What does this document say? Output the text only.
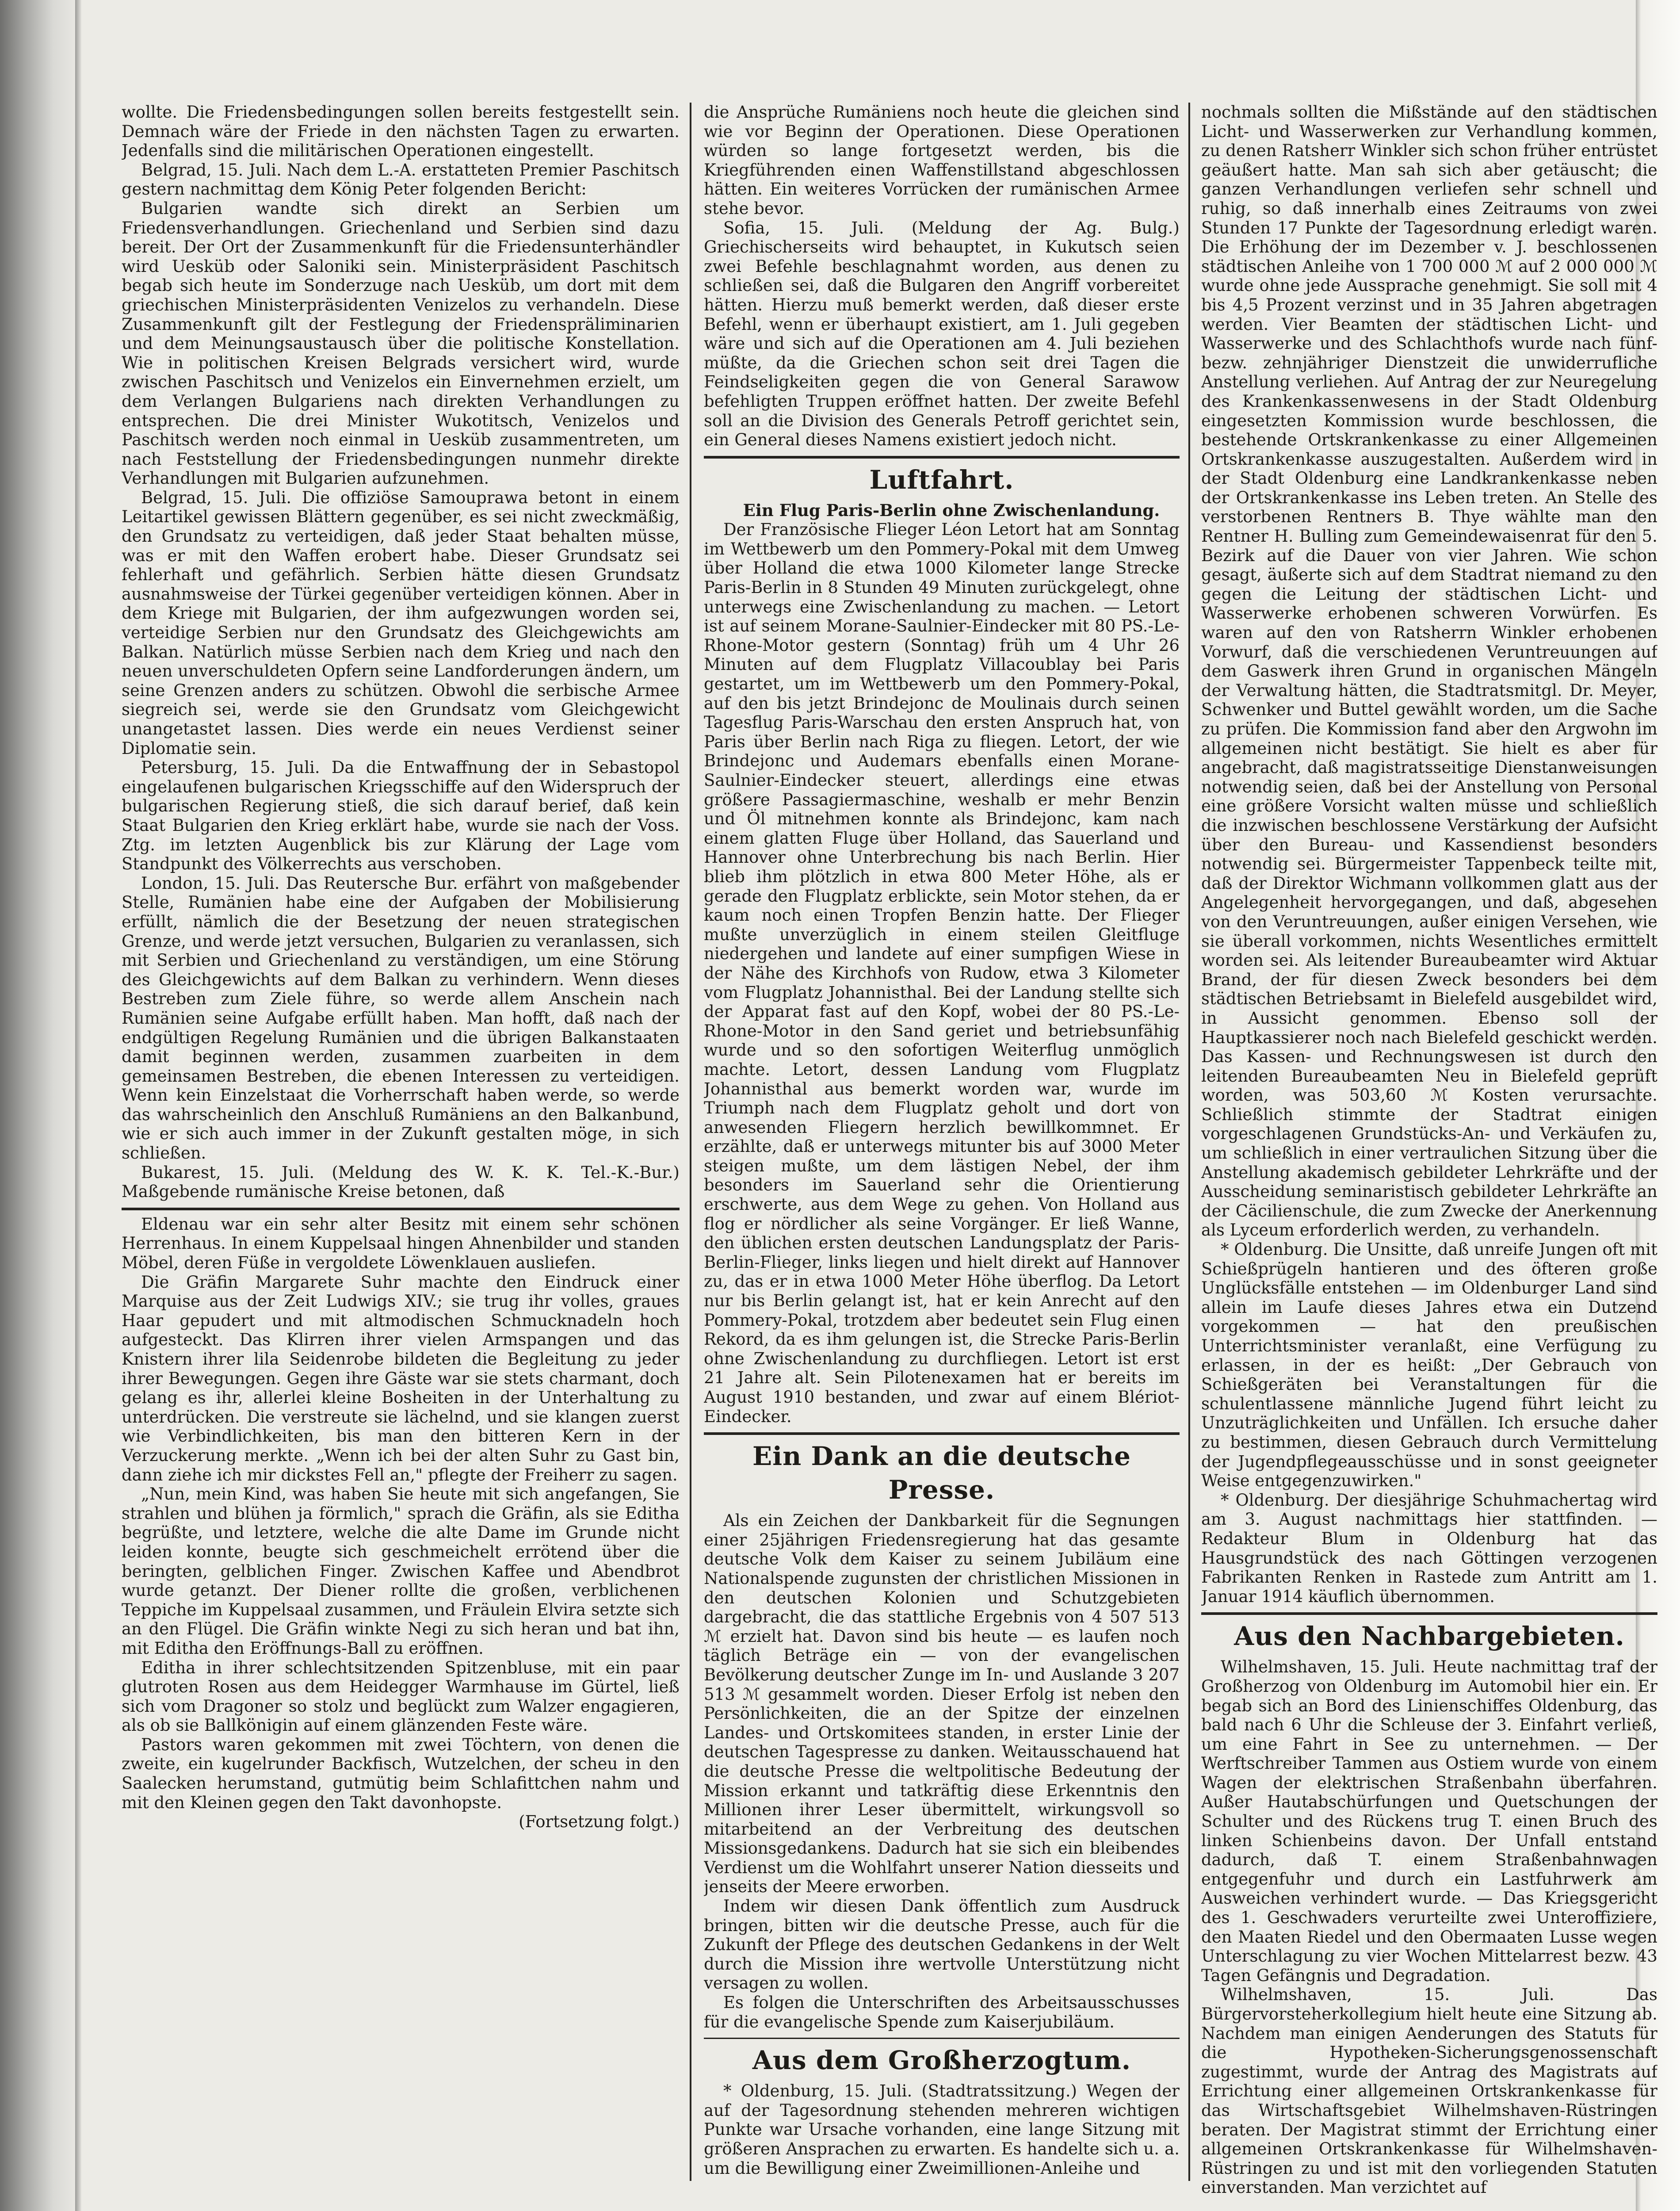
wollte. Die Friedensbedingungen sollen bereits festgestellt sein. Demnach wäre der Friede in den nächsten Tagen zu erwarten. Jedenfalls sind die militärischen Operationen eingestellt.

Belgrad, 15. Juli. Nach dem L.-A. erstatteten Premier Paschitsch gestern nachmittag dem König Peter folgenden Bericht:

Bulgarien wandte sich direkt an Serbien um Friedensverhandlungen. Griechenland und Serbien sind dazu bereit. Der Ort der Zusammenkunft für die Friedensunterhändler wird Uesküb oder Saloniki sein. Ministerpräsident Paschitsch begab sich heute im Sonderzuge nach Uesküb, um dort mit dem griechischen Ministerpräsidenten Venizelos zu verhandeln. Diese Zusammenkunft gilt der Festlegung der Friedenspräliminarien und dem Meinungsaustausch über die politische Konstellation. Wie in politischen Kreisen Belgrads versichert wird, wurde zwischen Paschitsch und Venizelos ein Einvernehmen erzielt, um dem Verlangen Bulgariens nach direkten Verhandlungen zu entsprechen. Die drei Minister Wukotitsch, Venizelos und Paschitsch werden noch einmal in Uesküb zusammentreten, um nach Feststellung der Friedensbedingungen nunmehr direkte Verhandlungen mit Bulgarien aufzunehmen.

Belgrad, 15. Juli. Die offiziöse Samouprawa betont in einem Leitartikel gewissen Blättern gegenüber, es sei nicht zweckmäßig, den Grundsatz zu verteidigen, daß jeder Staat behalten müsse, was er mit den Waffen erobert habe. Dieser Grundsatz sei fehlerhaft und gefährlich. Serbien hätte diesen Grundsatz ausnahmsweise der Türkei gegenüber verteidigen können. Aber in dem Kriege mit Bulgarien, der ihm aufgezwungen worden sei, verteidige Serbien nur den Grundsatz des Gleichgewichts am Balkan. Natürlich müsse Serbien nach dem Krieg und nach den neuen unverschuldeten Opfern seine Landforderungen ändern, um seine Grenzen anders zu schützen. Obwohl die serbische Armee siegreich sei, werde sie den Grundsatz vom Gleichgewicht unangetastet lassen. Dies werde ein neues Verdienst seiner Diplomatie sein.

Petersburg, 15. Juli. Da die Entwaffnung der in Sebastopol eingelaufenen bulgarischen Kriegsschiffe auf den Widerspruch der bulgarischen Regierung stieß, die sich darauf berief, daß kein Staat Bulgarien den Krieg erklärt habe, wurde sie nach der Voss. Ztg. im letzten Augenblick bis zur Klärung der Lage vom Standpunkt des Völkerrechts aus verschoben.

London, 15. Juli. Das Reutersche Bur. erfährt von maßgebender Stelle, Rumänien habe eine der Aufgaben der Mobilisierung erfüllt, nämlich die der Besetzung der neuen strategischen Grenze, und werde jetzt versuchen, Bulgarien zu veranlassen, sich mit Serbien und Griechenland zu verständigen, um eine Störung des Gleichgewichts auf dem Balkan zu verhindern. Wenn dieses Bestreben zum Ziele führe, so werde allem Anschein nach Rumänien seine Aufgabe erfüllt haben. Man hofft, daß nach der endgültigen Regelung Rumänien und die übrigen Balkanstaaten damit beginnen werden, zusammen zuarbeiten in dem gemeinsamen Bestreben, die ebenen Interessen zu verteidigen. Wenn kein Einzelstaat die Vorherrschaft haben werde, so werde das wahrscheinlich den Anschluß Rumäniens an den Balkanbund, wie er sich auch immer in der Zukunft gestalten möge, in sich schließen.

Bukarest, 15. Juli. (Meldung des W. K. K. Tel.-K.-Bur.) Maßgebende rumänische Kreise betonen, daß

Eldenau war ein sehr alter Besitz mit einem sehr schönen Herrenhaus. In einem Kuppelsaal hingen Ahnenbilder und standen Möbel, deren Füße in vergoldete Löwenklauen ausliefen.

Die Gräfin Margarete Suhr machte den Eindruck einer Marquise aus der Zeit Ludwigs XIV.; sie trug ihr volles, graues Haar gepudert und mit altmodischen Schmucknadeln hoch aufgesteckt. Das Klirren ihrer vielen Armspangen und das Knistern ihrer lila Seidenrobe bildeten die Begleitung zu jeder ihrer Bewegungen. Gegen ihre Gäste war sie stets charmant, doch gelang es ihr, allerlei kleine Bosheiten in der Unterhaltung zu unterdrücken. Die verstreute sie lächelnd, und sie klangen zuerst wie Verbindlichkeiten, bis man den bitteren Kern in der Verzuckerung merkte. „Wenn ich bei der alten Suhr zu Gast bin, dann ziehe ich mir dickstes Fell an," pflegte der Freiherr zu sagen.

„Nun, mein Kind, was haben Sie heute mit sich angefangen, Sie strahlen und blühen ja förmlich," sprach die Gräfin, als sie Editha begrüßte, und letztere, welche die alte Dame im Grunde nicht leiden konnte, beugte sich geschmeichelt errötend über die beringten, gelblichen Finger. Zwischen Kaffee und Abendbrot wurde getanzt. Der Diener rollte die großen, verblichenen Teppiche im Kuppelsaal zusammen, und Fräulein Elvira setzte sich an den Flügel. Die Gräfin winkte Negi zu sich heran und bat ihn, mit Editha den Eröffnungs-Ball zu eröffnen.

Editha in ihrer schlechtsitzenden Spitzenbluse, mit ein paar glutroten Rosen aus dem Heidegger Warmhause im Gürtel, ließ sich vom Dragoner so stolz und beglückt zum Walzer engagieren, als ob sie Ballkönigin auf einem glänzenden Feste wäre.

Pastors waren gekommen mit zwei Töchtern, von denen die zweite, ein kugelrunder Backfisch, Wutzelchen, der scheu in den Saalecken herumstand, gutmütig beim Schlafittchen nahm und mit den Kleinen gegen den Takt davonhopste.

(Fortsetzung folgt.)

die Ansprüche Rumäniens noch heute die gleichen sind wie vor Beginn der Operationen. Diese Operationen würden so lange fortgesetzt werden, bis die Kriegführenden einen Waffenstillstand abgeschlossen hätten. Ein weiteres Vorrücken der rumänischen Armee stehe bevor.

Sofia, 15. Juli. (Meldung der Ag. Bulg.) Griechischerseits wird behauptet, in Kukutsch seien zwei Befehle beschlagnahmt worden, aus denen zu schließen sei, daß die Bulgaren den Angriff vorbereitet hätten. Hierzu muß bemerkt werden, daß dieser erste Befehl, wenn er überhaupt existiert, am 1. Juli gegeben wäre und sich auf die Operationen am 4. Juli beziehen müßte, da die Griechen schon seit drei Tagen die Feindseligkeiten gegen die von General Sarawow befehligten Truppen eröffnet hatten. Der zweite Befehl soll an die Division des Generals Petroff gerichtet sein, ein General dieses Namens existiert jedoch nicht.

Luftfahrt.

Ein Flug Paris-Berlin ohne Zwischenlandung.

Der Französische Flieger Léon Letort hat am Sonntag im Wettbewerb um den Pommery-Pokal mit dem Umweg über Holland die etwa 1000 Kilometer lange Strecke Paris-Berlin in 8 Stunden 49 Minuten zurückgelegt, ohne unterwegs eine Zwischenlandung zu machen. — Letort ist auf seinem Morane-Saulnier-Eindecker mit 80 PS.-Le-Rhone-Motor gestern (Sonntag) früh um 4 Uhr 26 Minuten auf dem Flugplatz Villacoublay bei Paris gestartet, um im Wettbewerb um den Pommery-Pokal, auf den bis jetzt Brindejonc de Moulinais durch seinen Tagesflug Paris-Warschau den ersten Anspruch hat, von Paris über Berlin nach Riga zu fliegen. Letort, der wie Brindejonc und Audemars ebenfalls einen Morane-Saulnier-Eindecker steuert, allerdings eine etwas größere Passagiermaschine, weshalb er mehr Benzin und Öl mitnehmen konnte als Brindejonc, kam nach einem glatten Fluge über Holland, das Sauerland und Hannover ohne Unterbrechung bis nach Berlin. Hier blieb ihm plötzlich in etwa 800 Meter Höhe, als er gerade den Flugplatz erblickte, sein Motor stehen, da er kaum noch einen Tropfen Benzin hatte. Der Flieger mußte unverzüglich in einem steilen Gleitfluge niedergehen und landete auf einer sumpfigen Wiese in der Nähe des Kirchhofs von Rudow, etwa 3 Kilometer vom Flugplatz Johannisthal. Bei der Landung stellte sich der Apparat fast auf den Kopf, wobei der 80 PS.-Le-Rhone-Motor in den Sand geriet und betriebsunfähig wurde und so den sofortigen Weiterflug unmöglich machte. Letort, dessen Landung vom Flugplatz Johannisthal aus bemerkt worden war, wurde im Triumph nach dem Flugplatz geholt und dort von anwesenden Fliegern herzlich bewillkommnet. Er erzählte, daß er unterwegs mitunter bis auf 3000 Meter steigen mußte, um dem lästigen Nebel, der ihm besonders im Sauerland sehr die Orientierung erschwerte, aus dem Wege zu gehen. Von Holland aus flog er nördlicher als seine Vorgänger. Er ließ Wanne, den üblichen ersten deutschen Landungsplatz der Paris-Berlin-Flieger, links liegen und hielt direkt auf Hannover zu, das er in etwa 1000 Meter Höhe überflog. Da Letort nur bis Berlin gelangt ist, hat er kein Anrecht auf den Pommery-Pokal, trotzdem aber bedeutet sein Flug einen Rekord, da es ihm gelungen ist, die Strecke Paris-Berlin ohne Zwischenlandung zu durchfliegen. Letort ist erst 21 Jahre alt. Sein Pilotenexamen hat er bereits im August 1910 bestanden, und zwar auf einem Blériot-Eindecker.

Ein Dank an die deutsche Presse.

Als ein Zeichen der Dankbarkeit für die Segnungen einer 25jährigen Friedensregierung hat das gesamte deutsche Volk dem Kaiser zu seinem Jubiläum eine Nationalspende zugunsten der christlichen Missionen in den deutschen Kolonien und Schutzgebieten dargebracht, die das stattliche Ergebnis von 4 507 513 ℳ erzielt hat. Davon sind bis heute — es laufen noch täglich Beträge ein — von der evangelischen Bevölkerung deutscher Zunge im In- und Auslande 3 207 513 ℳ gesammelt worden. Dieser Erfolg ist neben den Persönlichkeiten, die an der Spitze der einzelnen Landes- und Ortskomitees standen, in erster Linie der deutschen Tagespresse zu danken. Weitausschauend hat die deutsche Presse die weltpolitische Bedeutung der Mission erkannt und tatkräftig diese Erkenntnis den Millionen ihrer Leser übermittelt, wirkungsvoll so mitarbeitend an der Verbreitung des deutschen Missionsgedankens. Dadurch hat sie sich ein bleibendes Verdienst um die Wohlfahrt unserer Nation diesseits und jenseits der Meere erworben.

Indem wir diesen Dank öffentlich zum Ausdruck bringen, bitten wir die deutsche Presse, auch für die Zukunft der Pflege des deutschen Gedankens in der Welt durch die Mission ihre wertvolle Unterstützung nicht versagen zu wollen.

Es folgen die Unterschriften des Arbeitsausschusses für die evangelische Spende zum Kaiserjubiläum.

Aus dem Großherzogtum.

* Oldenburg, 15. Juli. (Stadtratssitzung.) Wegen der auf der Tagesordnung stehenden mehreren wichtigen Punkte war Ursache vorhanden, eine lange Sitzung mit größeren Ansprachen zu erwarten. Es handelte sich u. a. um die Bewilligung einer Zweimillionen-Anleihe und

nochmals sollten die Mißstände auf den städtischen Licht- und Wasserwerken zur Verhandlung kommen, zu denen Ratsherr Winkler sich schon früher entrüstet geäußert hatte. Man sah sich aber getäuscht; die ganzen Verhandlungen verliefen sehr schnell und ruhig, so daß innerhalb eines Zeitraums von zwei Stunden 17 Punkte der Tagesordnung erledigt waren. Die Erhöhung der im Dezember v. J. beschlossenen städtischen Anleihe von 1 700 000 ℳ auf 2 000 000 ℳ wurde ohne jede Aussprache genehmigt. Sie soll mit 4 bis 4,5 Prozent verzinst und in 35 Jahren abgetragen werden. Vier Beamten der städtischen Licht- und Wasserwerke und des Schlachthofs wurde nach fünf- bezw. zehnjähriger Dienstzeit die unwiderrufliche Anstellung verliehen. Auf Antrag der zur Neuregelung des Krankenkassenwesens in der Stadt Oldenburg eingesetzten Kommission wurde beschlossen, die bestehende Ortskrankenkasse zu einer Allgemeinen Ortskrankenkasse auszugestalten. Außerdem wird in der Stadt Oldenburg eine Landkrankenkasse neben der Ortskrankenkasse ins Leben treten. An Stelle des verstorbenen Rentners B. Thye wählte man den Rentner H. Bulling zum Gemeindewaisenrat für den 5. Bezirk auf die Dauer von vier Jahren. Wie schon gesagt, äußerte sich auf dem Stadtrat niemand zu den gegen die Leitung der städtischen Licht- und Wasserwerke erhobenen schweren Vorwürfen. Es waren auf den von Ratsherrn Winkler erhobenen Vorwurf, daß die verschiedenen Veruntreuungen auf dem Gaswerk ihren Grund in organischen Mängeln der Verwaltung hätten, die Stadtratsmitgl. Dr. Meyer, Schwenker und Buttel gewählt worden, um die Sache zu prüfen. Die Kommission fand aber den Argwohn im allgemeinen nicht bestätigt. Sie hielt es aber für angebracht, daß magistratsseitige Dienstanweisungen notwendig seien, daß bei der Anstellung von Personal eine größere Vorsicht walten müsse und schließlich die inzwischen beschlossene Verstärkung der Aufsicht über den Bureau- und Kassendienst besonders notwendig sei. Bürgermeister Tappenbeck teilte mit, daß der Direktor Wichmann vollkommen glatt aus der Angelegenheit hervorgegangen, und daß, abgesehen von den Veruntreuungen, außer einigen Versehen, wie sie überall vorkommen, nichts Wesentliches ermittelt worden sei. Als leitender Bureaubeamter wird Aktuar Brand, der für diesen Zweck besonders bei dem städtischen Betriebsamt in Bielefeld ausgebildet wird, in Aussicht genommen. Ebenso soll der Hauptkassierer noch nach Bielefeld geschickt werden. Das Kassen- und Rechnungswesen ist durch den leitenden Bureaubeamten Neu in Bielefeld geprüft worden, was 503,60 ℳ Kosten verursachte. Schließlich stimmte der Stadtrat einigen vorgeschlagenen Grundstücks-An- und Verkäufen zu, um schließlich in einer vertraulichen Sitzung über die Anstellung akademisch gebildeter Lehrkräfte und der Ausscheidung seminaristisch gebildeter Lehrkräfte an der Cäcilienschule, die zum Zwecke der Anerkennung als Lyceum erforderlich werden, zu verhandeln.

* Oldenburg. Die Unsitte, daß unreife Jungen oft mit Schießprügeln hantieren und des öfteren große Unglücksfälle entstehen — im Oldenburger Land sind allein im Laufe dieses Jahres etwa ein Dutzend vorgekommen — hat den preußischen Unterrichtsminister veranlaßt, eine Verfügung zu erlassen, in der es heißt: „Der Gebrauch von Schießgeräten bei Veranstaltungen für die schulentlassene männliche Jugend führt leicht zu Unzuträglichkeiten und Unfällen. Ich ersuche daher zu bestimmen, diesen Gebrauch durch Vermittelung der Jugendpflegeausschüsse und in sonst geeigneter Weise entgegenzuwirken."

* Oldenburg. Der diesjährige Schuhmachertag wird am 3. August nachmittags hier stattfinden. — Redakteur Blum in Oldenburg hat das Hausgrundstück des nach Göttingen verzogenen Fabrikanten Renken in Rastede zum Antritt am 1. Januar 1914 käuflich übernommen.

Aus den Nachbargebieten.

Wilhelmshaven, 15. Juli. Heute nachmittag traf der Großherzog von Oldenburg im Automobil hier ein. Er begab sich an Bord des Linienschiffes Oldenburg, das bald nach 6 Uhr die Schleuse der 3. Einfahrt verließ, um eine Fahrt in See zu unternehmen. — Der Werftschreiber Tammen aus Ostiem wurde von einem Wagen der elektrischen Straßenbahn überfahren. Außer Hautabschürfungen und Quetschungen der Schulter und des Rückens trug T. einen Bruch des linken Schienbeins davon. Der Unfall entstand dadurch, daß T. einem Straßenbahnwagen entgegenfuhr und durch ein Lastfuhrwerk am Ausweichen verhindert wurde. — Das Kriegsgericht des 1. Geschwaders verurteilte zwei Unteroffiziere, den Maaten Riedel und den Obermaaten Lusse wegen Unterschlagung zu vier Wochen Mittelarrest bezw. 43 Tagen Gefängnis und Degradation.

Wilhelmshaven, 15. Juli. Das Bürgervorsteherkollegium hielt heute eine Sitzung ab. Nachdem man einigen Aenderungen des Statuts für die Hypotheken-Sicherungsgenossenschaft zugestimmt, wurde der Antrag des Magistrats auf Errichtung einer allgemeinen Ortskrankenkasse für das Wirtschaftsgebiet Wilhelmshaven-Rüstringen beraten. Der Magistrat stimmt der Errichtung einer allgemeinen Ortskrankenkasse für Wilhelmshaven-Rüstringen zu und ist mit den vorliegenden Statuten einverstanden. Man verzichtet auf
